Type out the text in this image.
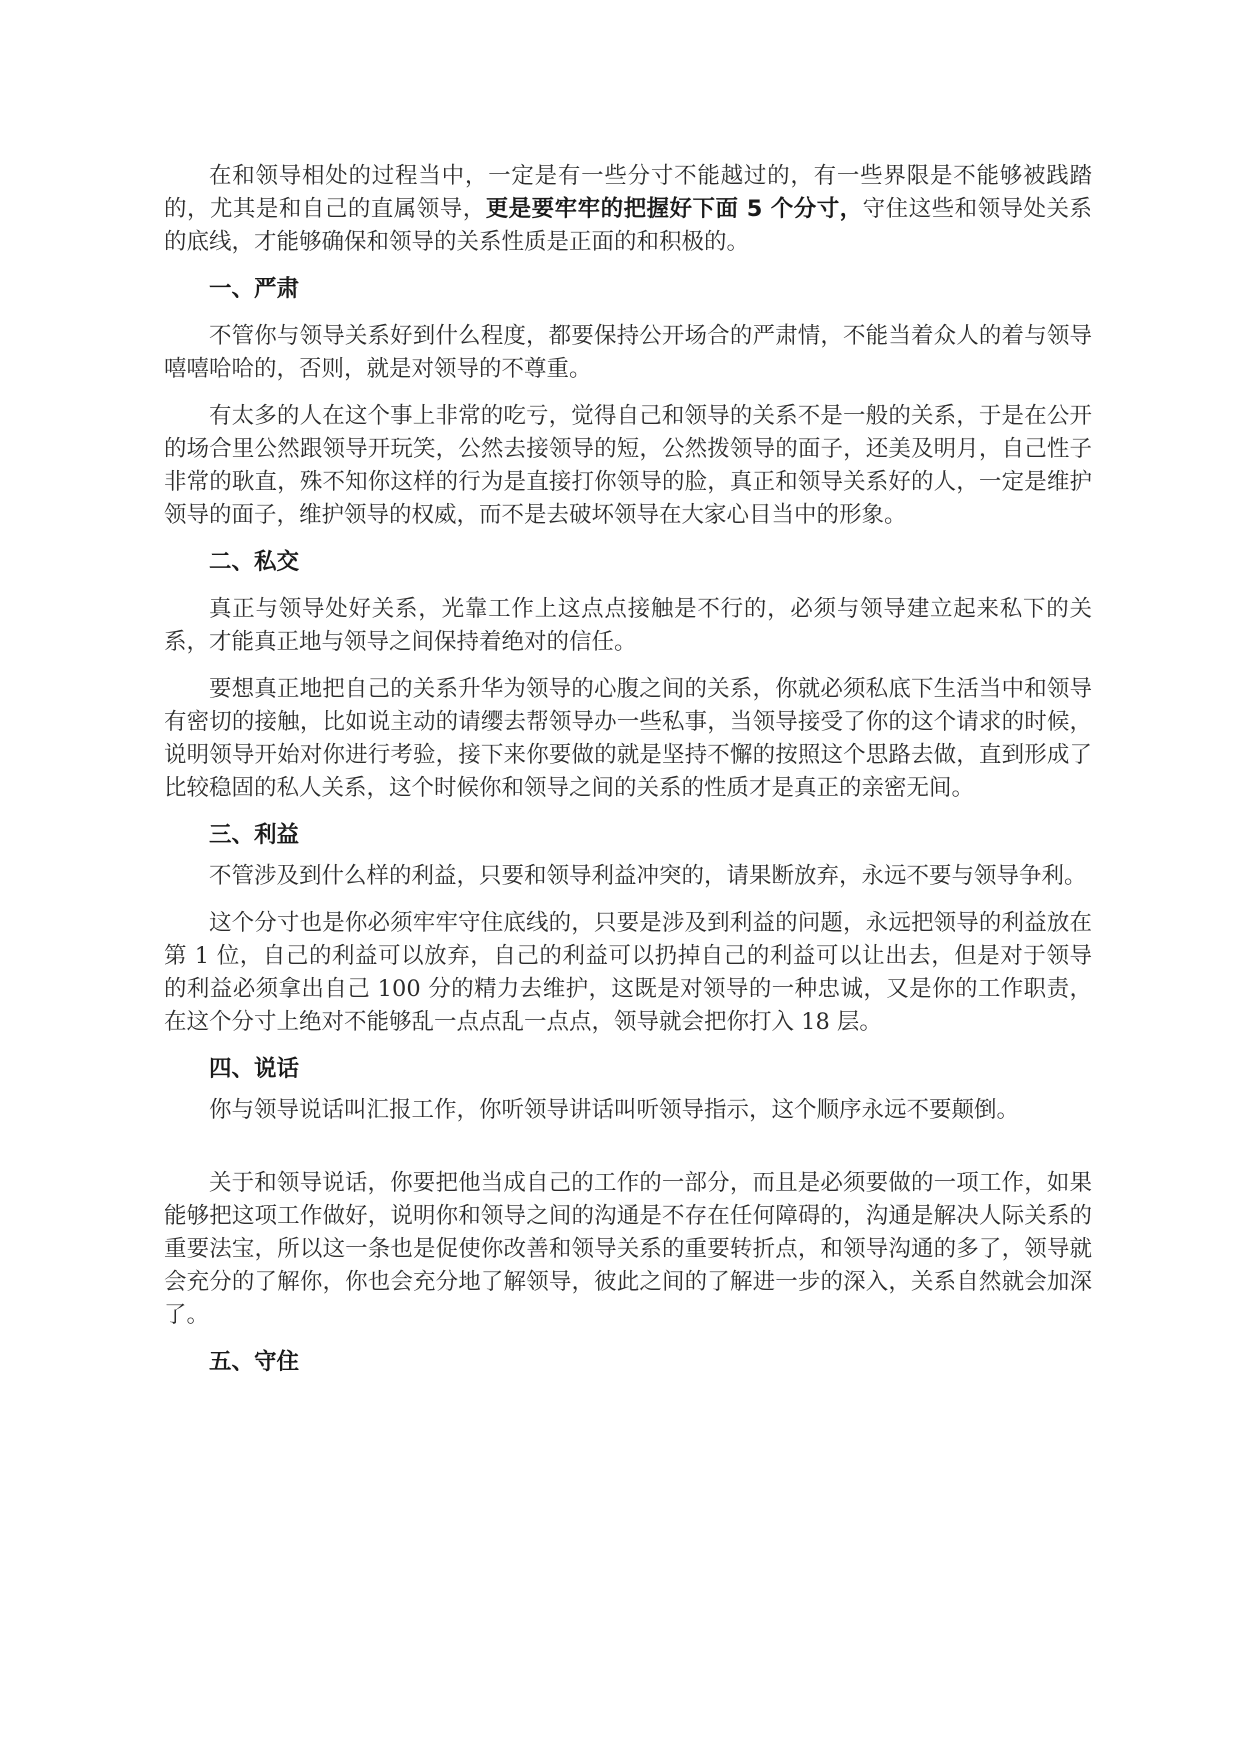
在和领导相处的过程当中，一定是有一些分寸不能越过的，有一些界限是不能够被践踏的，尤其是和自己的直属领导，更是要牢牢的把握好下面 5 个分寸，守住这些和领导处关系的底线，才能够确保和领导的关系性质是正面的和积极的。

一、严肃

不管你与领导关系好到什么程度，都要保持公开场合的严肃情，不能当着众人的着与领导嘻嘻哈哈的，否则，就是对领导的不尊重。

有太多的人在这个事上非常的吃亏，觉得自己和领导的关系不是一般的关系，于是在公开的场合里公然跟领导开玩笑，公然去接领导的短，公然拨领导的面子，还美及明月，自己性子非常的耿直，殊不知你这样的行为是直接打你领导的脸，真正和领导关系好的人，一定是维护领导的面子，维护领导的权威，而不是去破坏领导在大家心目当中的形象。

二、私交

真正与领导处好关系，光靠工作上这点点接触是不行的，必须与领导建立起来私下的关系，才能真正地与领导之间保持着绝对的信任。

要想真正地把自己的关系升华为领导的心腹之间的关系，你就必须私底下生活当中和领导有密切的接触，比如说主动的请缨去帮领导办一些私事，当领导接受了你的这个请求的时候，说明领导开始对你进行考验，接下来你要做的就是坚持不懈的按照这个思路去做，直到形成了比较稳固的私人关系，这个时候你和领导之间的关系的性质才是真正的亲密无间。

三、利益

不管涉及到什么样的利益，只要和领导利益冲突的，请果断放弃，永远不要与领导争利。

这个分寸也是你必须牢牢守住底线的，只要是涉及到利益的问题，永远把领导的利益放在第 1 位，自己的利益可以放弃，自己的利益可以扔掉自己的利益可以让出去，但是对于领导的利益必须拿出自己 100 分的精力去维护，这既是对领导的一种忠诚，又是你的工作职责，在这个分寸上绝对不能够乱一点点乱一点点，领导就会把你打入 18 层。

四、说话

你与领导说话叫汇报工作，你听领导讲话叫听领导指示，这个顺序永远不要颠倒。

关于和领导说话，你要把他当成自己的工作的一部分，而且是必须要做的一项工作，如果能够把这项工作做好，说明你和领导之间的沟通是不存在任何障碍的，沟通是解决人际关系的重要法宝，所以这一条也是促使你改善和领导关系的重要转折点，和领导沟通的多了，领导就会充分的了解你，你也会充分地了解领导，彼此之间的了解进一步的深入，关系自然就会加深了。

五、守住
